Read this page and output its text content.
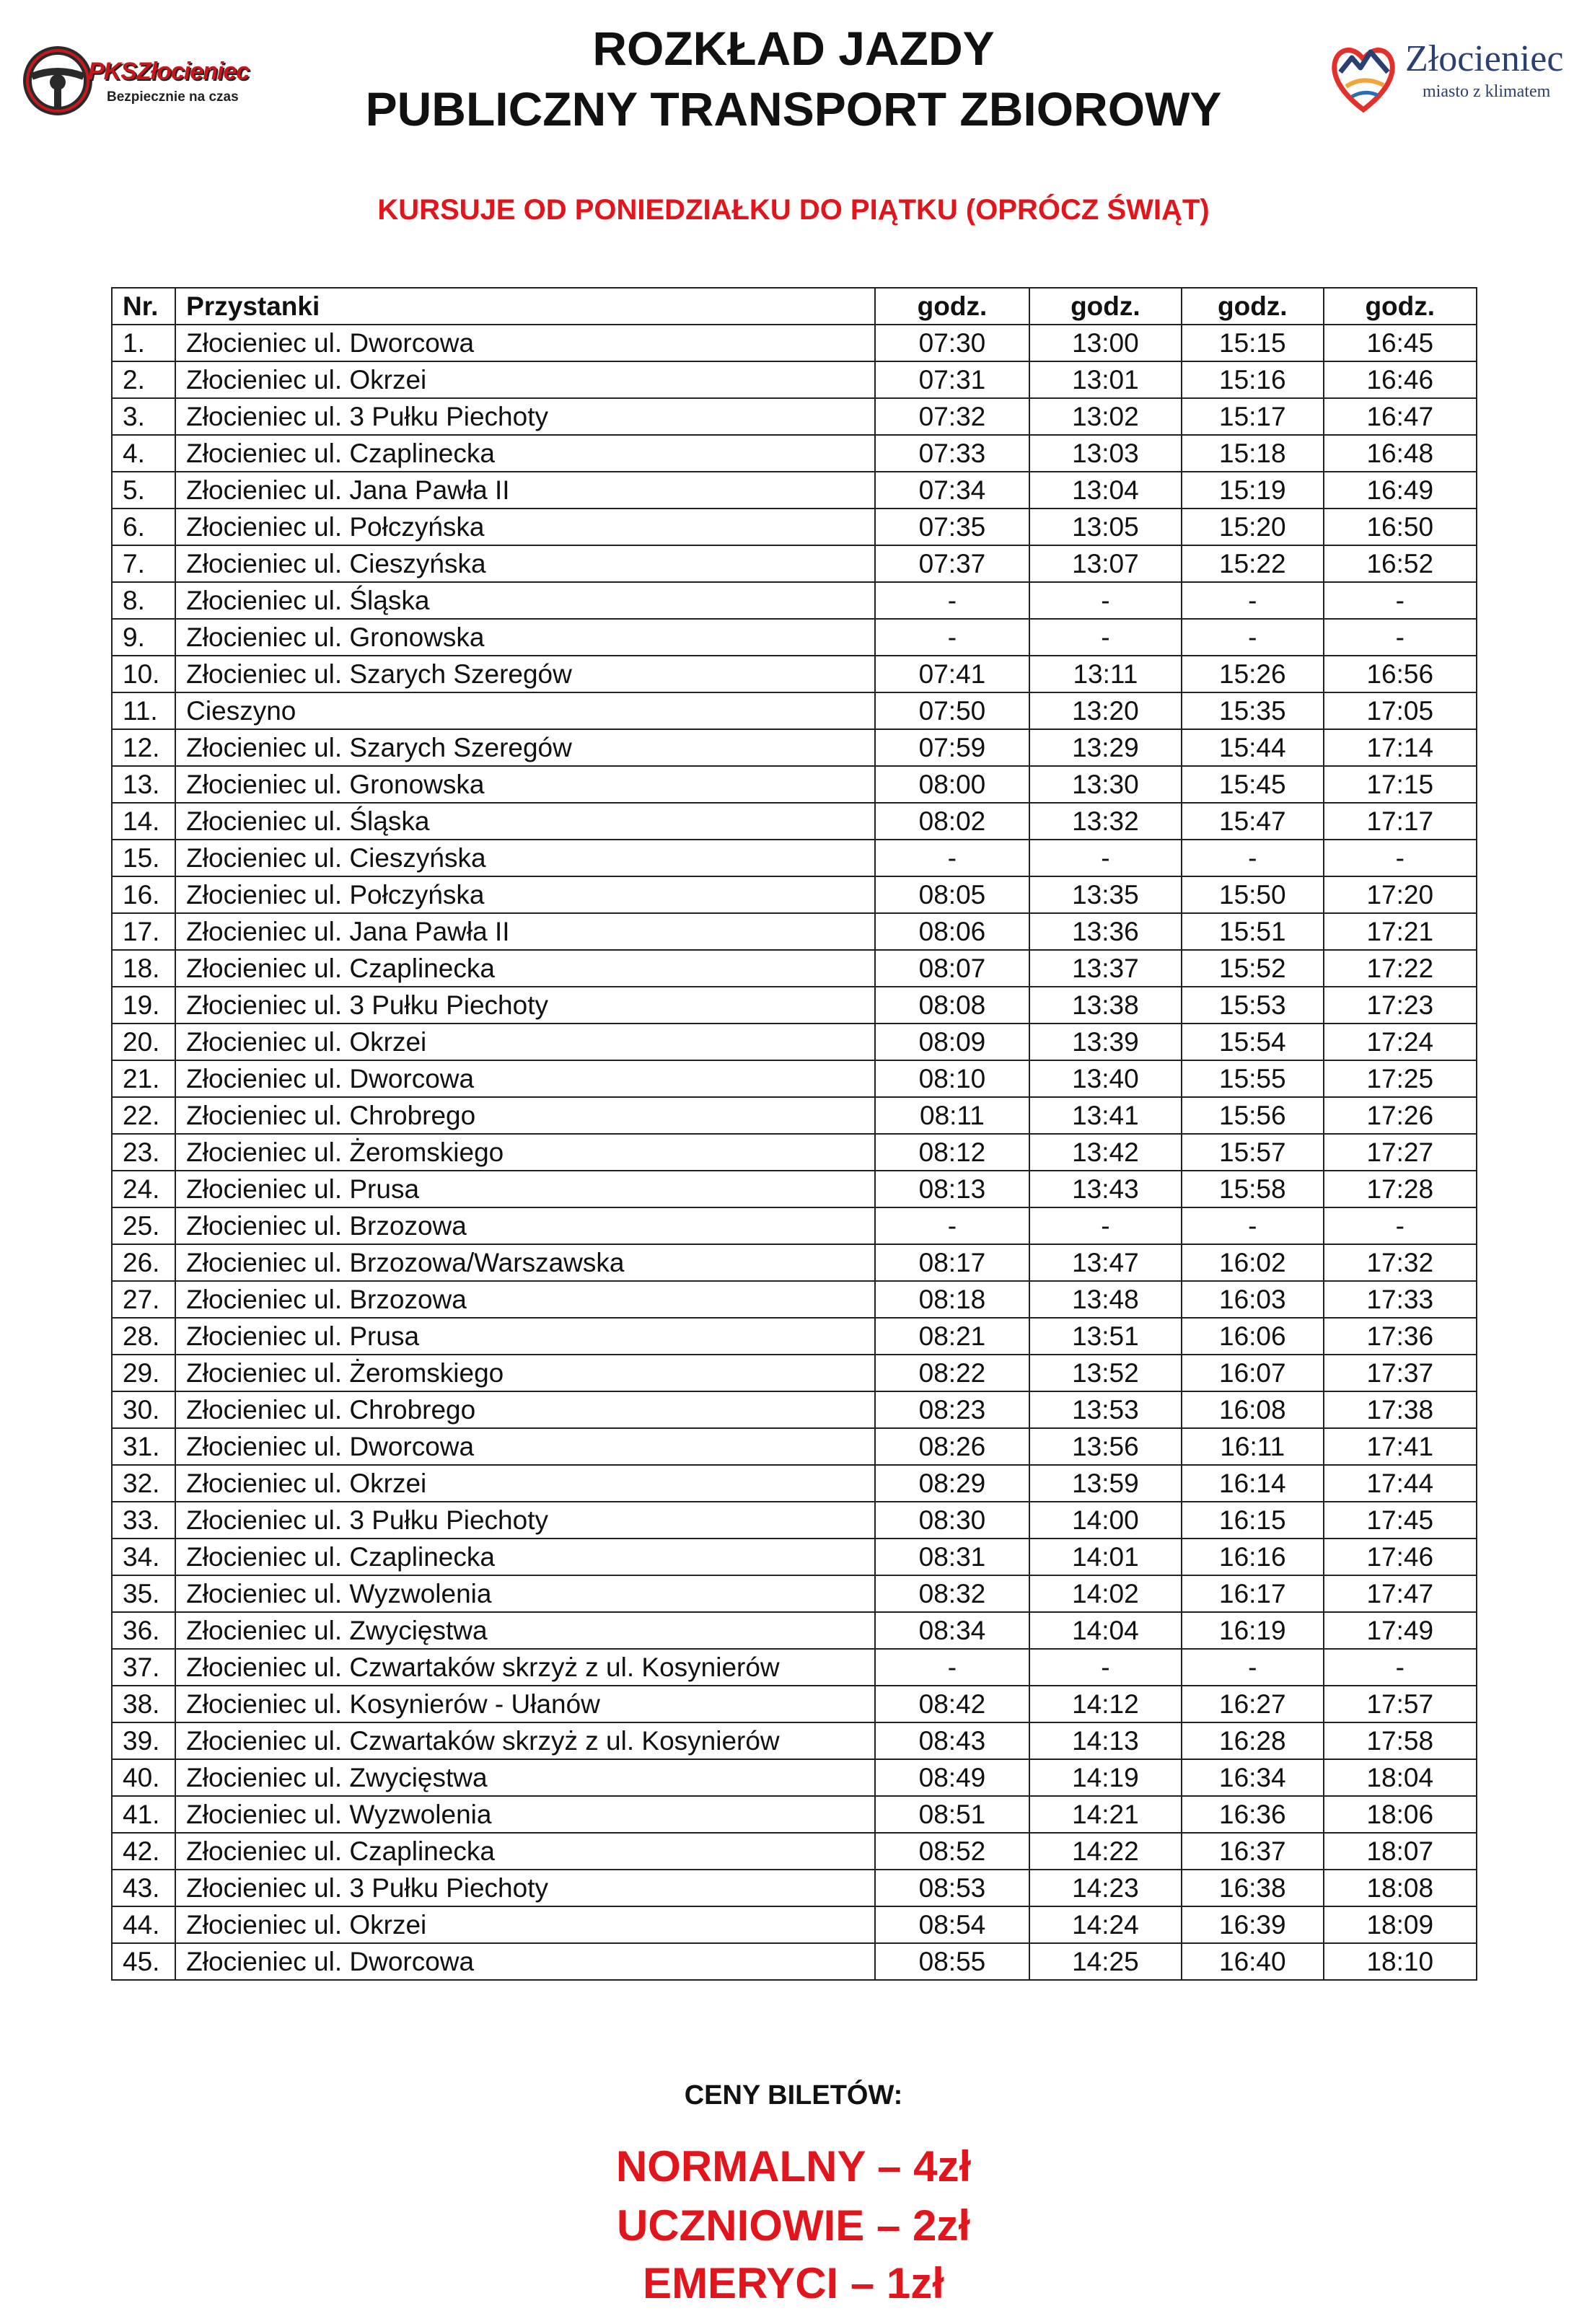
PKSZłocieniec
Bezpiecznie na czas
ROZKŁAD JAZDY
PUBLICZNY TRANSPORT ZBIOROWY
Złocieniec
miasto z klimatem
KURSUJE OD PONIEDZIAŁKU DO PIĄTKU (OPRÓCZ ŚWIĄT)
Nr.	Przystanki	godz.	godz.	godz.	godz.
1.	Złocieniec ul. Dworcowa	07:30	13:00	15:15	16:45
2.	Złocieniec ul. Okrzei	07:31	13:01	15:16	16:46
3.	Złocieniec ul. 3 Pułku Piechoty	07:32	13:02	15:17	16:47
4.	Złocieniec ul. Czaplinecka	07:33	13:03	15:18	16:48
5.	Złocieniec ul. Jana Pawła II	07:34	13:04	15:19	16:49
6.	Złocieniec ul. Połczyńska	07:35	13:05	15:20	16:50
7.	Złocieniec ul. Cieszyńska	07:37	13:07	15:22	16:52
8.	Złocieniec ul. Śląska	-	-	-	-
9.	Złocieniec ul. Gronowska	-	-	-	-
10.	Złocieniec ul. Szarych Szeregów	07:41	13:11	15:26	16:56
11.	Cieszyno	07:50	13:20	15:35	17:05
12.	Złocieniec ul. Szarych Szeregów	07:59	13:29	15:44	17:14
13.	Złocieniec ul. Gronowska	08:00	13:30	15:45	17:15
14.	Złocieniec ul. Śląska	08:02	13:32	15:47	17:17
15.	Złocieniec ul. Cieszyńska	-	-	-	-
16.	Złocieniec ul. Połczyńska	08:05	13:35	15:50	17:20
17.	Złocieniec ul. Jana Pawła II	08:06	13:36	15:51	17:21
18.	Złocieniec ul. Czaplinecka	08:07	13:37	15:52	17:22
19.	Złocieniec ul. 3 Pułku Piechoty	08:08	13:38	15:53	17:23
20.	Złocieniec ul. Okrzei	08:09	13:39	15:54	17:24
21.	Złocieniec ul. Dworcowa	08:10	13:40	15:55	17:25
22.	Złocieniec ul. Chrobrego	08:11	13:41	15:56	17:26
23.	Złocieniec ul. Żeromskiego	08:12	13:42	15:57	17:27
24.	Złocieniec ul. Prusa	08:13	13:43	15:58	17:28
25.	Złocieniec ul. Brzozowa	-	-	-	-
26.	Złocieniec ul. Brzozowa/Warszawska	08:17	13:47	16:02	17:32
27.	Złocieniec ul. Brzozowa	08:18	13:48	16:03	17:33
28.	Złocieniec ul. Prusa	08:21	13:51	16:06	17:36
29.	Złocieniec ul. Żeromskiego	08:22	13:52	16:07	17:37
30.	Złocieniec ul. Chrobrego	08:23	13:53	16:08	17:38
31.	Złocieniec ul. Dworcowa	08:26	13:56	16:11	17:41
32.	Złocieniec ul. Okrzei	08:29	13:59	16:14	17:44
33.	Złocieniec ul. 3 Pułku Piechoty	08:30	14:00	16:15	17:45
34.	Złocieniec ul. Czaplinecka	08:31	14:01	16:16	17:46
35.	Złocieniec ul. Wyzwolenia	08:32	14:02	16:17	17:47
36.	Złocieniec ul. Zwycięstwa	08:34	14:04	16:19	17:49
37.	Złocieniec ul. Czwartaków skrzyż z ul. Kosynierów	-	-	-	-
38.	Złocieniec ul. Kosynierów - Ułanów	08:42	14:12	16:27	17:57
39.	Złocieniec ul. Czwartaków skrzyż z ul. Kosynierów	08:43	14:13	16:28	17:58
40.	Złocieniec ul. Zwycięstwa	08:49	14:19	16:34	18:04
41.	Złocieniec ul. Wyzwolenia	08:51	14:21	16:36	18:06
42.	Złocieniec ul. Czaplinecka	08:52	14:22	16:37	18:07
43.	Złocieniec ul. 3 Pułku Piechoty	08:53	14:23	16:38	18:08
44.	Złocieniec ul. Okrzei	08:54	14:24	16:39	18:09
45.	Złocieniec ul. Dworcowa	08:55	14:25	16:40	18:10
CENY BILETÓW:
NORMALNY – 4zł
UCZNIOWIE – 2zł
EMERYCI – 1zł
